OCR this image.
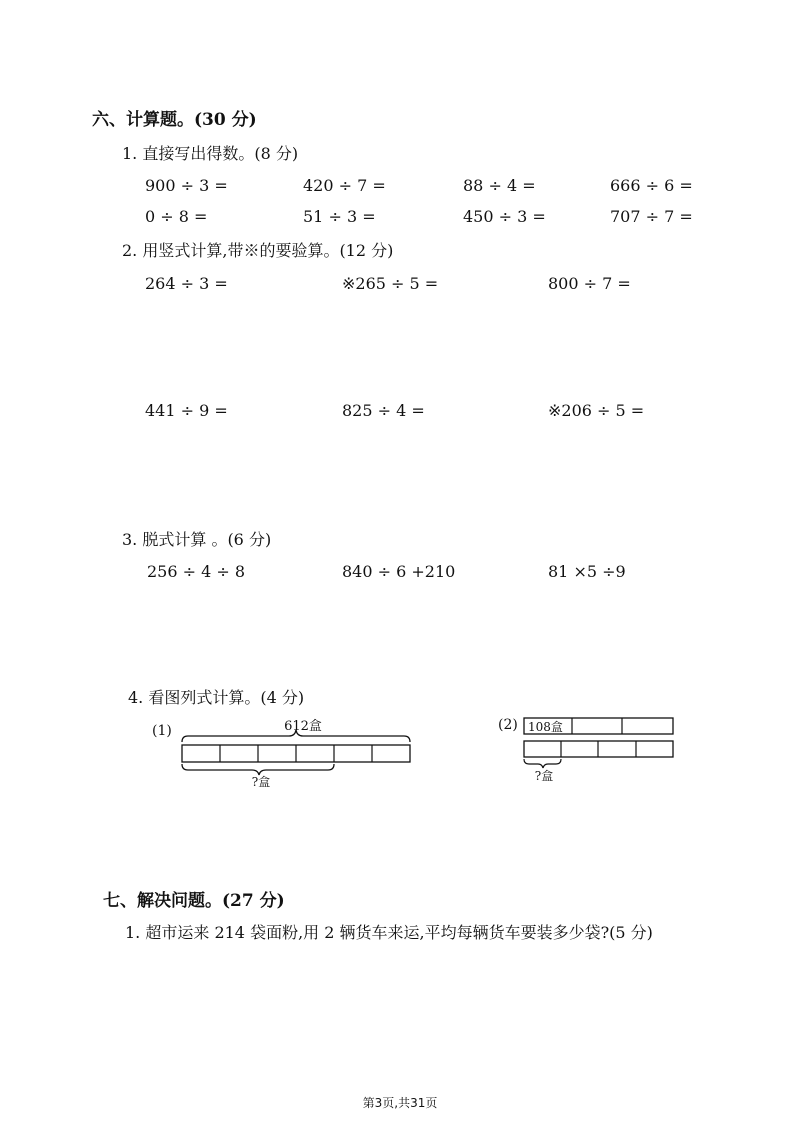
六、计算题。(30 分)
1. 直接写出得数。(8 分)
900 ÷ 3 =	420 ÷ 7 =	88 ÷ 4 =	666 ÷ 6 =
0 ÷ 8 =	51 ÷ 3 =	450 ÷ 3 =	707 ÷ 7 =
2. 用竖式计算,带※的要验算。(12 分)
264 ÷ 3 =	※265 ÷ 5 =	800 ÷ 7 =
441 ÷ 9 =	825 ÷ 4 =	※206 ÷ 5 =
3. 脱式计算 。(6 分)
256 ÷ 4 ÷ 8	840 ÷ 6 +210	81 ×5 ÷9
4. 看图列式计算。(4 分)
(1)	612盒
?盒
(2) 108盒
?盒
七、解决问题。(27 分)
1. 超市运来 214 袋面粉,用 2 辆货车来运,平均每辆货车要装多少袋?(5 分)
第3页,共31页
